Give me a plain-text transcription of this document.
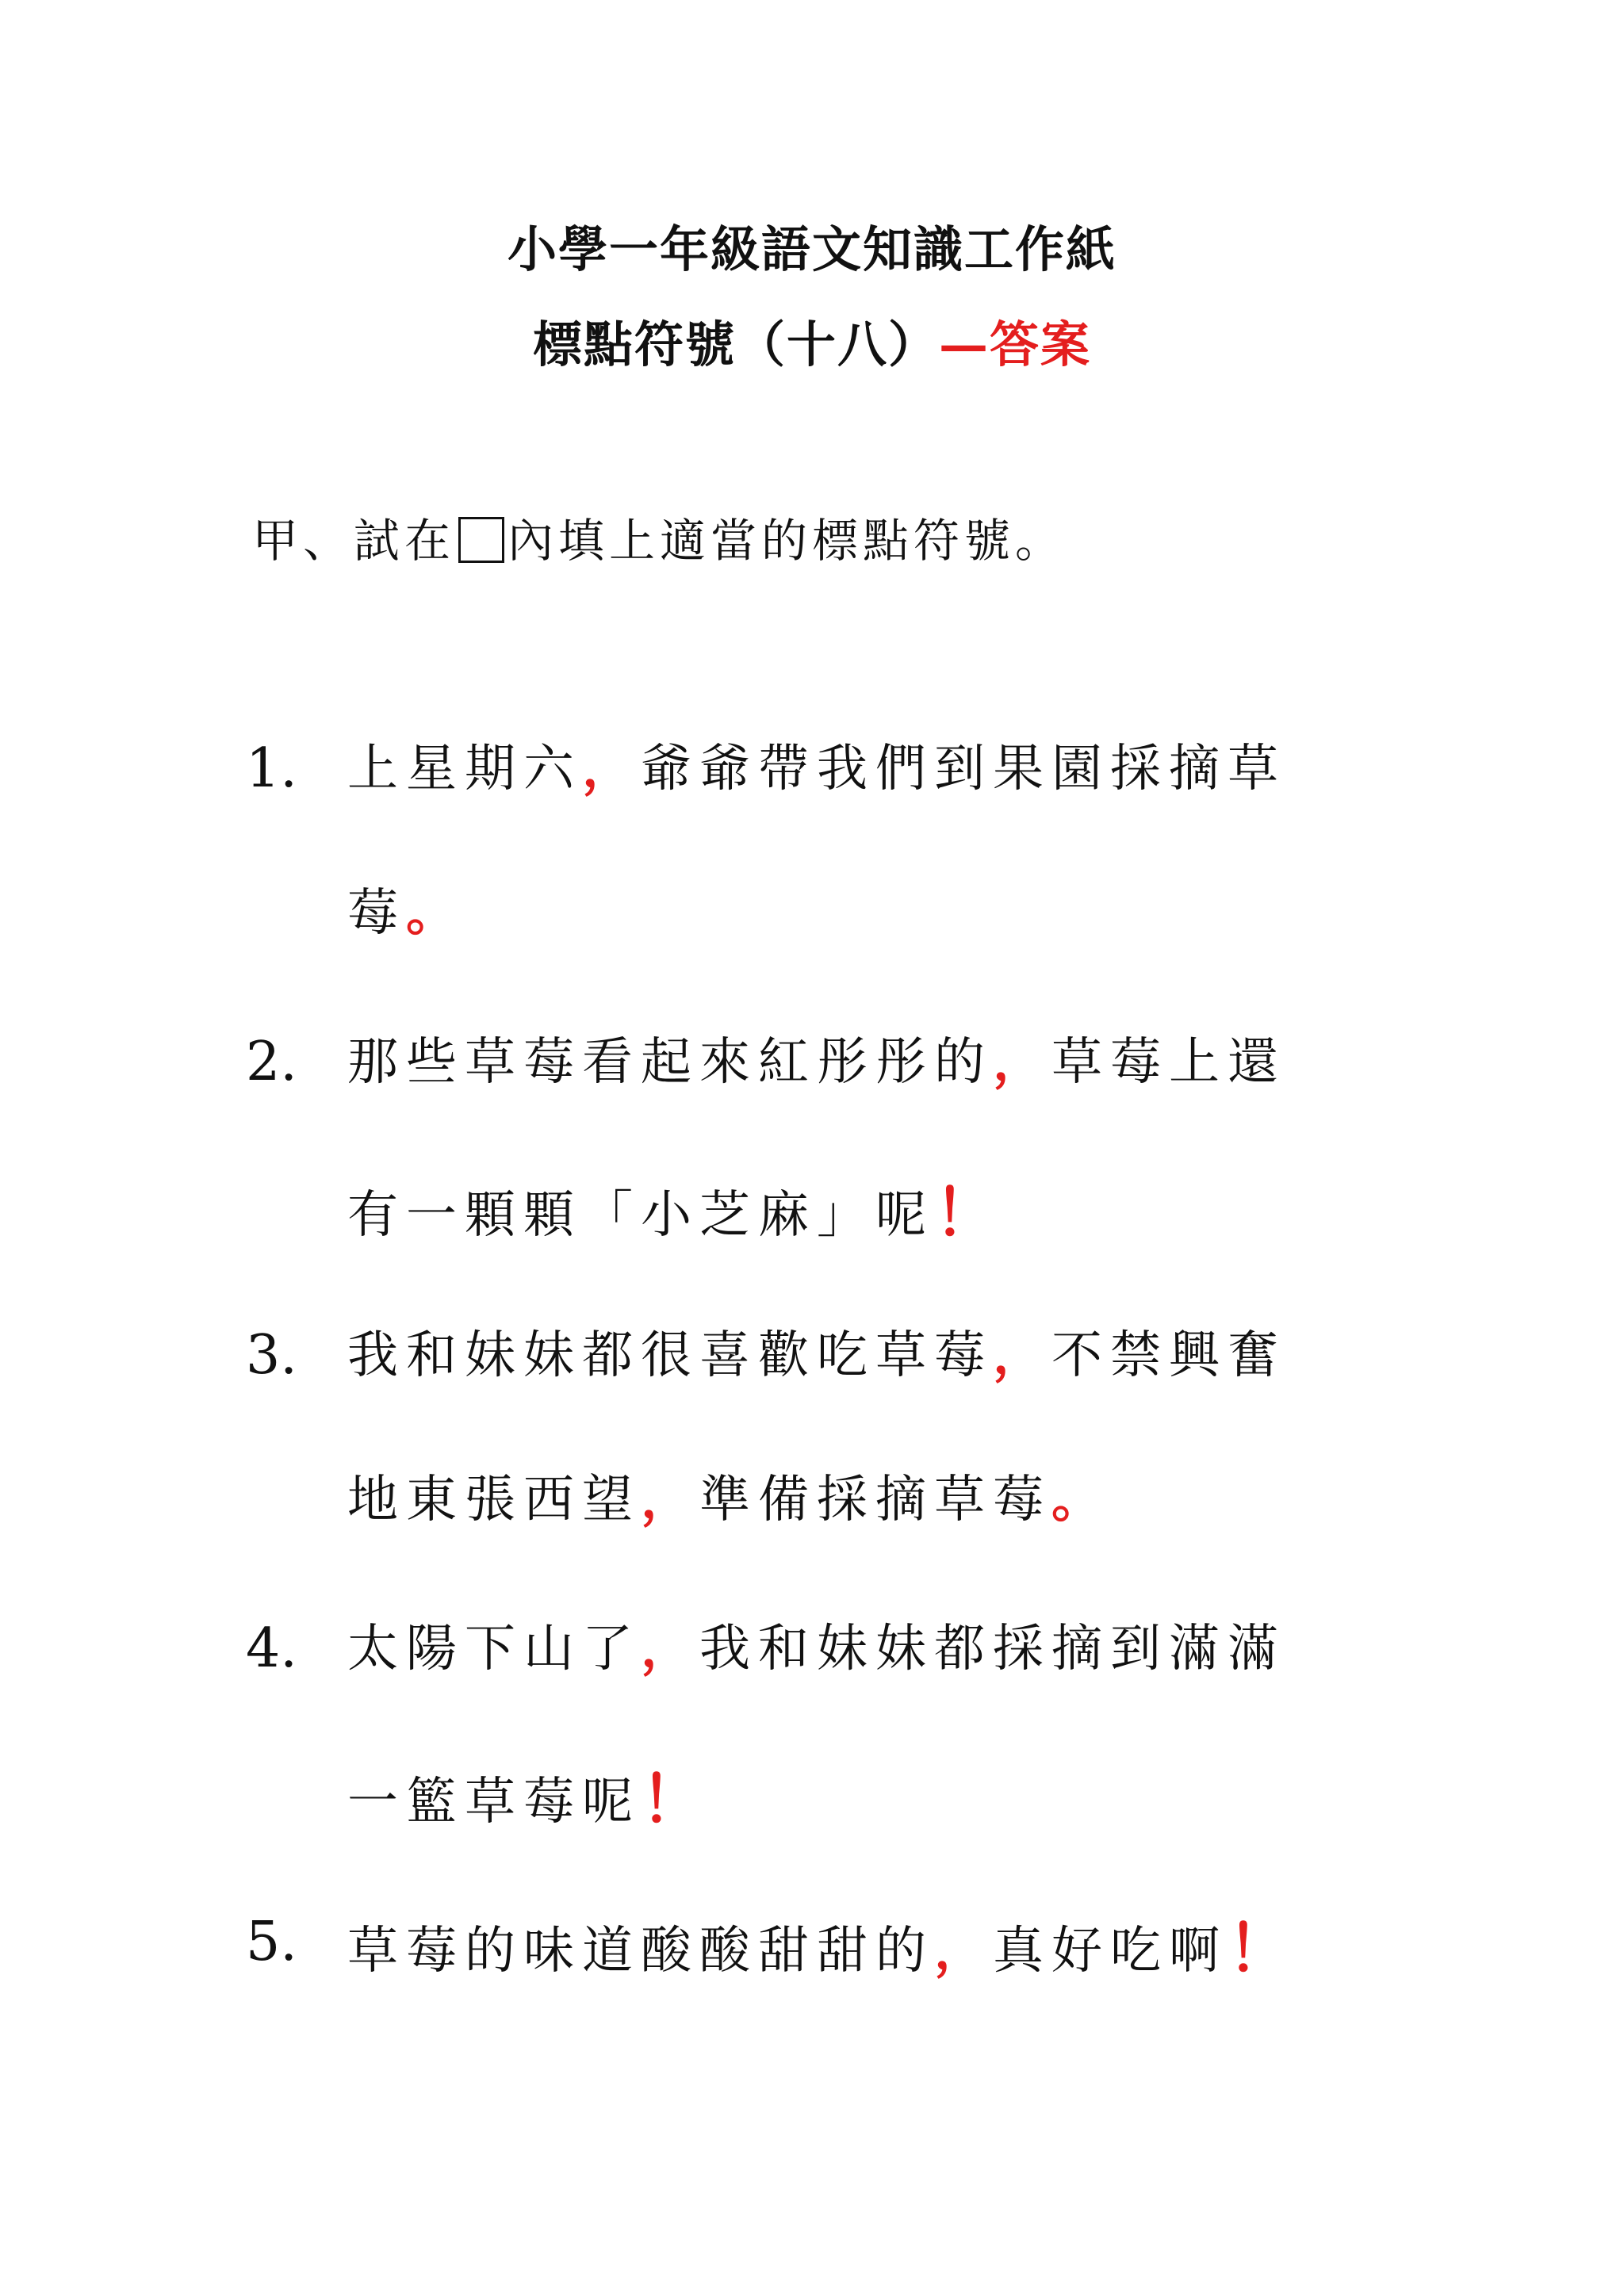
小學一年級語文知識工作紙
標點符號（十八）—答案
甲、試在 內填上適當的標點符號。
1. 上星期六，爺爺帶我們到果園採摘草
莓。
2. 那些草莓看起來紅彤彤的，草莓上還
有一顆顆「小芝麻」呢！
3. 我和妹妹都很喜歡吃草莓，不禁興奮
地東張西望，準備採摘草莓。
4. 太陽下山了，我和妹妹都採摘到滿滿
一籃草莓呢！
5. 草莓的味道酸酸甜甜的，真好吃啊！
